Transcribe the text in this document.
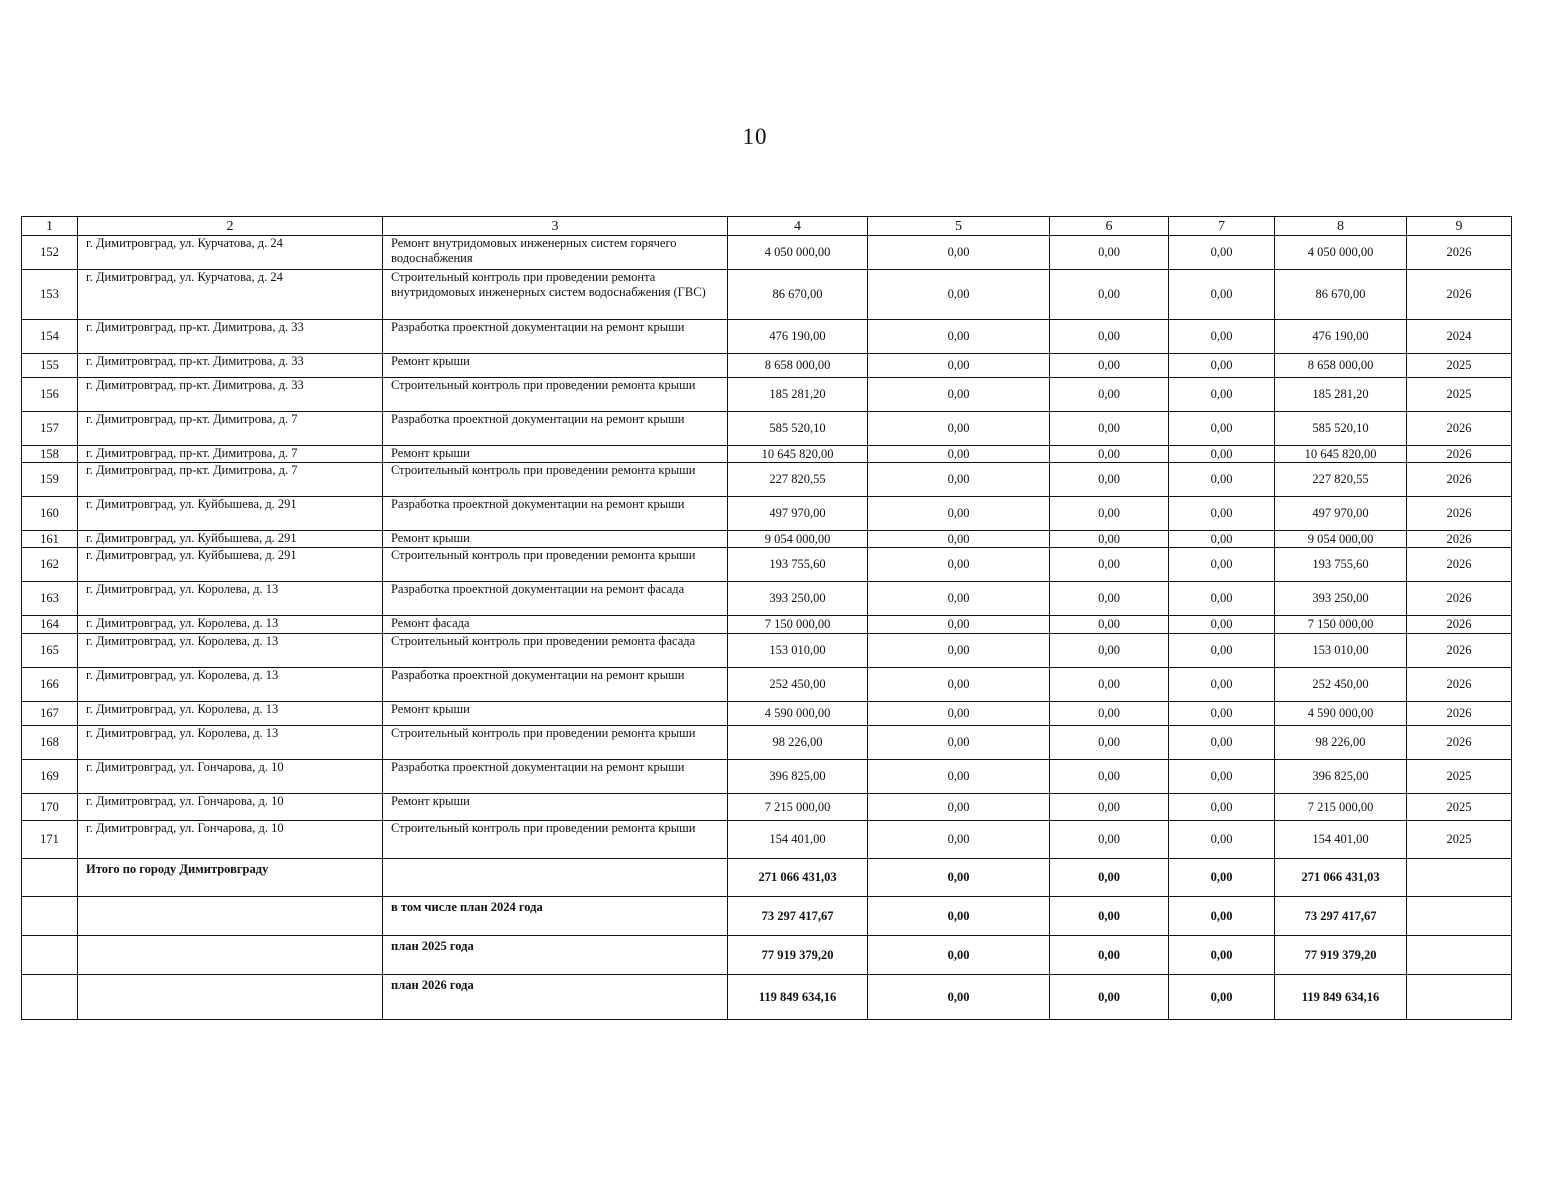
10
1	2	3	4	5	6	7	8	9
152	г. Димитровград, ул. Курчатова, д. 24	Ремонт внутридомовых инженерных систем горячего водоснабжения	4 050 000,00	0,00	0,00	0,00	4 050 000,00	2026
153	г. Димитровград, ул. Курчатова, д. 24	Строительный контроль при проведении ремонта внутридомовых инженерных систем водоснабжения (ГВС)	86 670,00	0,00	0,00	0,00	86 670,00	2026
154	г. Димитровград, пр-кт. Димитрова, д. 33	Разработка проектной документации на ремонт крыши	476 190,00	0,00	0,00	0,00	476 190,00	2024
155	г. Димитровград, пр-кт. Димитрова, д. 33	Ремонт крыши	8 658 000,00	0,00	0,00	0,00	8 658 000,00	2025
156	г. Димитровград, пр-кт. Димитрова, д. 33	Строительный контроль при проведении ремонта крыши	185 281,20	0,00	0,00	0,00	185 281,20	2025
157	г. Димитровград, пр-кт. Димитрова, д. 7	Разработка проектной документации на ремонт крыши	585 520,10	0,00	0,00	0,00	585 520,10	2026
158	г. Димитровград, пр-кт. Димитрова, д. 7	Ремонт крыши	10 645 820,00	0,00	0,00	0,00	10 645 820,00	2026
159	г. Димитровград, пр-кт. Димитрова, д. 7	Строительный контроль при проведении ремонта крыши	227 820,55	0,00	0,00	0,00	227 820,55	2026
160	г. Димитровград, ул. Куйбышева, д. 291	Разработка проектной документации на ремонт крыши	497 970,00	0,00	0,00	0,00	497 970,00	2026
161	г. Димитровград, ул. Куйбышева, д. 291	Ремонт крыши	9 054 000,00	0,00	0,00	0,00	9 054 000,00	2026
162	г. Димитровград, ул. Куйбышева, д. 291	Строительный контроль при проведении ремонта крыши	193 755,60	0,00	0,00	0,00	193 755,60	2026
163	г. Димитровград, ул. Королева, д. 13	Разработка проектной документации на ремонт фасада	393 250,00	0,00	0,00	0,00	393 250,00	2026
164	г. Димитровград, ул. Королева, д. 13	Ремонт фасада	7 150 000,00	0,00	0,00	0,00	7 150 000,00	2026
165	г. Димитровград, ул. Королева, д. 13	Строительный контроль при проведении ремонта фасада	153 010,00	0,00	0,00	0,00	153 010,00	2026
166	г. Димитровград, ул. Королева, д. 13	Разработка проектной документации на ремонт крыши	252 450,00	0,00	0,00	0,00	252 450,00	2026
167	г. Димитровград, ул. Королева, д. 13	Ремонт крыши	4 590 000,00	0,00	0,00	0,00	4 590 000,00	2026
168	г. Димитровград, ул. Королева, д. 13	Строительный контроль при проведении ремонта крыши	98 226,00	0,00	0,00	0,00	98 226,00	2026
169	г. Димитровград, ул. Гончарова, д. 10	Разработка проектной документации на ремонт крыши	396 825,00	0,00	0,00	0,00	396 825,00	2025
170	г. Димитровград, ул. Гончарова, д. 10	Ремонт крыши	7 215 000,00	0,00	0,00	0,00	7 215 000,00	2025
171	г. Димитровград, ул. Гончарова, д. 10	Строительный контроль при проведении ремонта крыши	154 401,00	0,00	0,00	0,00	154 401,00	2025
	Итого по городу Димитровграду		271 066 431,03	0,00	0,00	0,00	271 066 431,03	
		в том числе план 2024 года	73 297 417,67	0,00	0,00	0,00	73 297 417,67	
		план 2025 года	77 919 379,20	0,00	0,00	0,00	77 919 379,20	
		план 2026 года	119 849 634,16	0,00	0,00	0,00	119 849 634,16	
